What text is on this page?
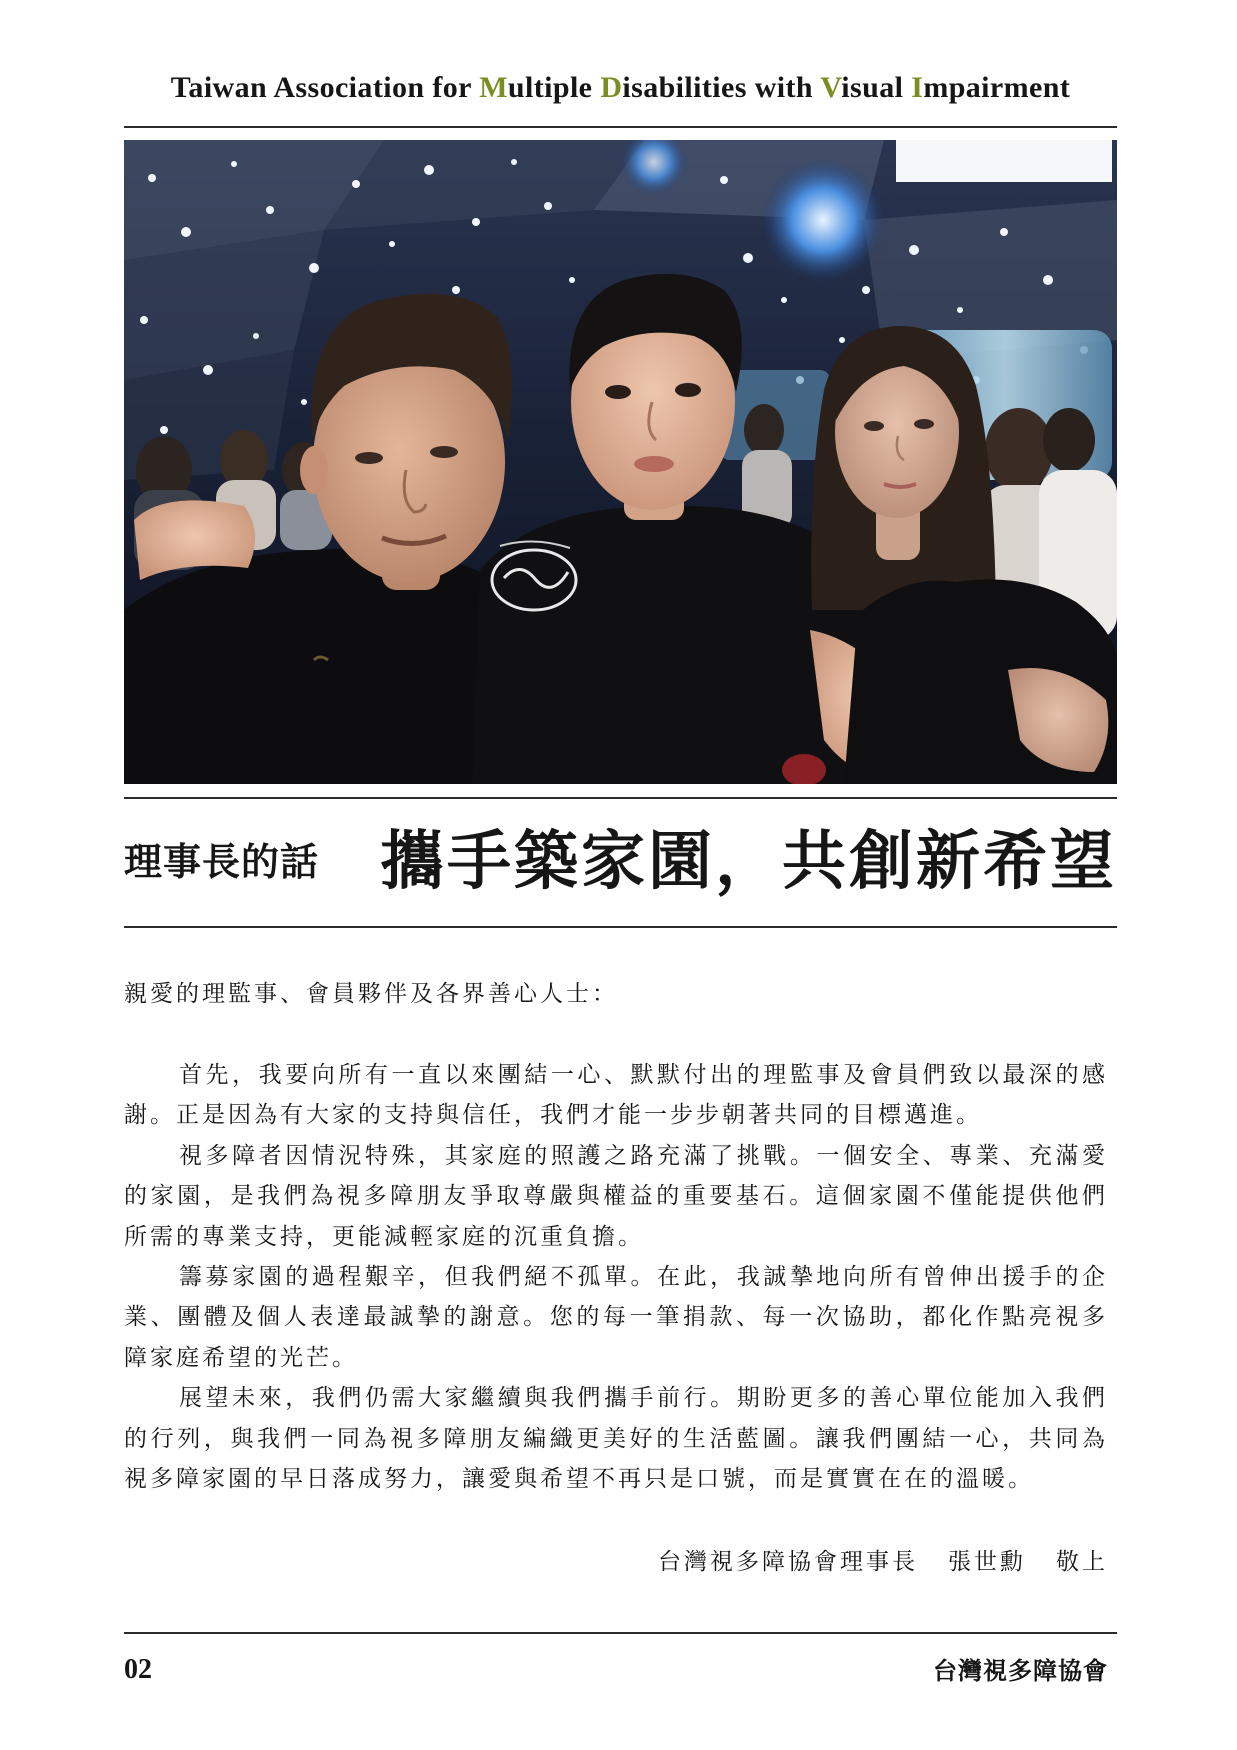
Taiwan Association for Multiple Disabilities with Visual Impairment
理事長的話 攜手築家園，共創新希望
親愛的理監事、會員夥伴及各界善心人士：
首先，我要向所有一直以來團結一心、默默付出的理監事及會員們致以最深的感
謝。正是因為有大家的支持與信任，我們才能一步步朝著共同的目標邁進。
視多障者因情況特殊，其家庭的照護之路充滿了挑戰。一個安全、專業、充滿愛
的家園，是我們為視多障朋友爭取尊嚴與權益的重要基石。這個家園不僅能提供他們
所需的專業支持，更能減輕家庭的沉重負擔。
籌募家園的過程艱辛，但我們絕不孤單。在此，我誠摯地向所有曾伸出援手的企
業、團體及個人表達最誠摯的謝意。您的每一筆捐款、每一次協助，都化作點亮視多
障家庭希望的光芒。
展望未來，我們仍需大家繼續與我們攜手前行。期盼更多的善心單位能加入我們
的行列，與我們一同為視多障朋友編織更美好的生活藍圖。讓我們團結一心，共同為
視多障家園的早日落成努力，讓愛與希望不再只是口號，而是實實在在的溫暖。
台灣視多障協會理事長 張世勳 敬上
02	台灣視多障協會
